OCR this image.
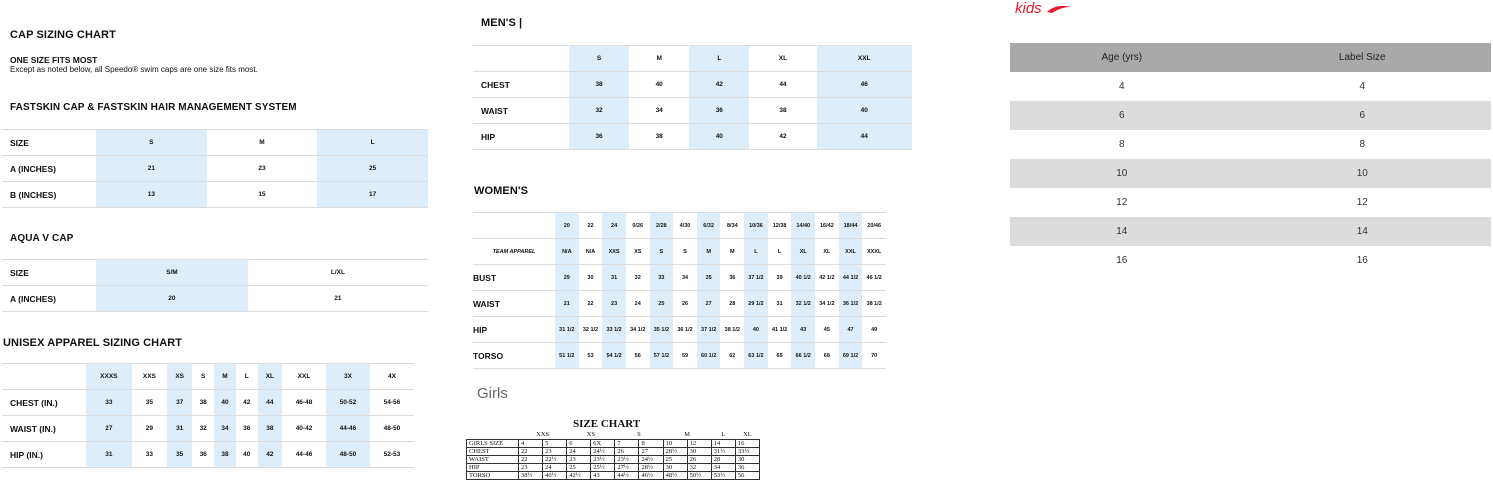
CAP SIZING CHART
ONE SIZE FITS MOST
Except as noted below, all Speedo® swim caps are one size fits most.
FASTSKIN CAP & FASTSKIN HAIR MANAGEMENT SYSTEM
SIZE	S	M	L
A (INCHES)	21	23	25
B (INCHES)	13	15	17
AQUA V CAP
SIZE	S/M	L/XL
A (INCHES)	20	21
UNISEX APPAREL SIZING CHART
	XXXS	XXS	XS	S	M	L	XL	XXL	3X	4X
CHEST (IN.)	33	35	37	38	40	42	44	46-48	50-52	54-56
WAIST (IN.)	27	29	31	32	34	36	38	40-42	44-46	48-50
HIP (IN.)	31	33	35	36	38	40	42	44-46	48-50	52-53
MEN'S |
	S	M	L	XL	XXL
CHEST	38	40	42	44	46
WAIST	32	34	36	38	40
HIP	36	38	40	42	44
WOMEN'S
	20	22	24	0/26	2/28	4/30	6/32	8/34	10/36	12/38	14/40	16/42	18/44	20/46
TEAM APPAREL	N/A	N/A	XXS	XS	S	S	M	M	L	L	XL	XL	XXL	XXXL
BUST	29	30	31	32	33	34	35	36	37 1/2	39	40 1/2	42 1/2	44 1/2	46 1/2
WAIST	21	22	23	24	25	26	27	28	29 1/2	31	32 1/2	34 1/2	36 1/2	38 1/2
HIP	31 1/2	32 1/2	33 1/2	34 1/2	35 1/2	36 1/2	37 1/2	38 1/2	40	41 1/2	43	45	47	49
TORSO	51 1/2	53	54 1/2	56	57 1/2	59	60 1/2	62	63 1/2	65	66 1/2	68	69 1/2	70
Girls
SIZE CHART
	XXS		XS		S		M		L	XL
GIRLS SIZE	4	5	6	6X	7	8	10	12	14	16
CHEST	22	23	24	24½	26	27	28½	30	31½	33½
WAIST	22	22½	23	23½	23½	24½	25	26	28	30
HIP	23	24	25	25½	27½	28½	30	32	34	36
TORSO	38½	40½	42½	43	44½	46½	48½	50½	53½	56
kids
Age (yrs)	Label Size
4	4
6	6
8	8
10	10
12	12
14	14
16	16
